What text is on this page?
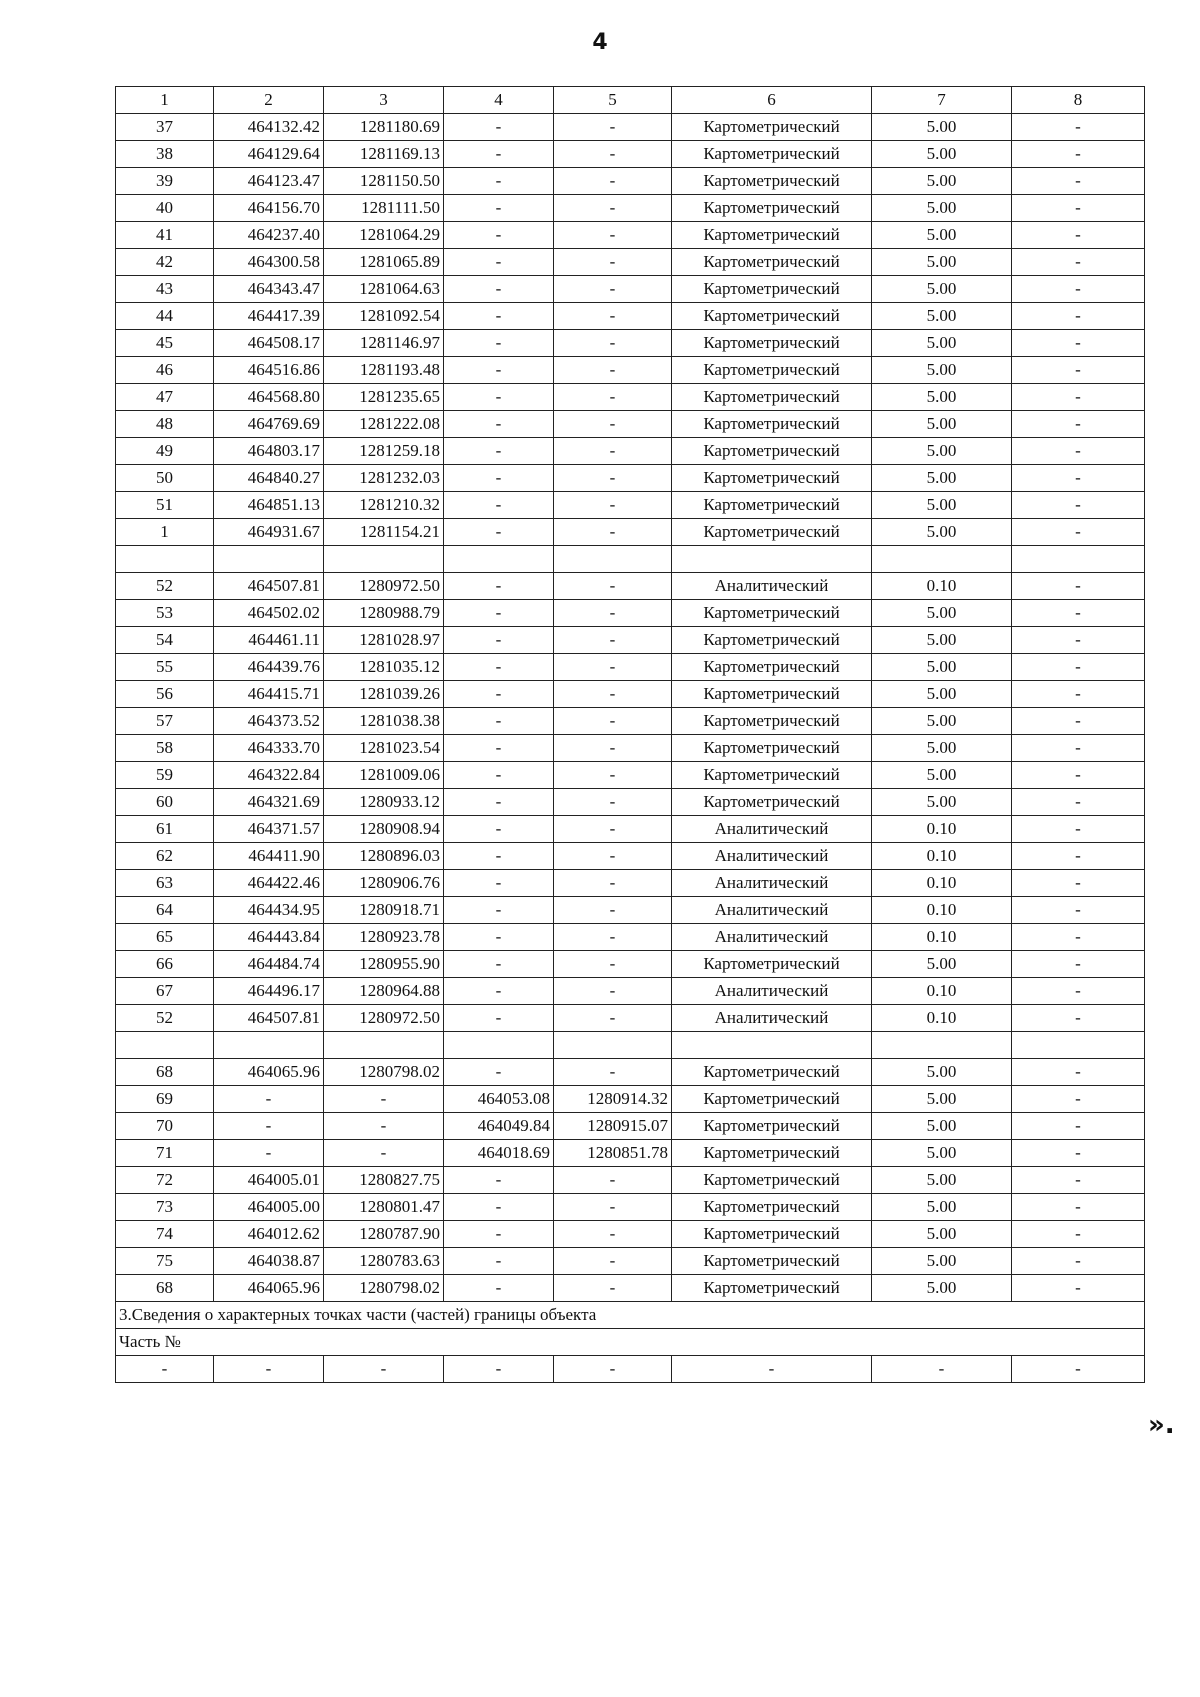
4
1	2	3	4	5	6	7	8
37	464132.42	1281180.69	-	-	Картометрический	5.00	-
38	464129.64	1281169.13	-	-	Картометрический	5.00	-
39	464123.47	1281150.50	-	-	Картометрический	5.00	-
40	464156.70	1281111.50	-	-	Картометрический	5.00	-
41	464237.40	1281064.29	-	-	Картометрический	5.00	-
42	464300.58	1281065.89	-	-	Картометрический	5.00	-
43	464343.47	1281064.63	-	-	Картометрический	5.00	-
44	464417.39	1281092.54	-	-	Картометрический	5.00	-
45	464508.17	1281146.97	-	-	Картометрический	5.00	-
46	464516.86	1281193.48	-	-	Картометрический	5.00	-
47	464568.80	1281235.65	-	-	Картометрический	5.00	-
48	464769.69	1281222.08	-	-	Картометрический	5.00	-
49	464803.17	1281259.18	-	-	Картометрический	5.00	-
50	464840.27	1281232.03	-	-	Картометрический	5.00	-
51	464851.13	1281210.32	-	-	Картометрический	5.00	-
1	464931.67	1281154.21	-	-	Картометрический	5.00	-

52	464507.81	1280972.50	-	-	Аналитический	0.10	-
53	464502.02	1280988.79	-	-	Картометрический	5.00	-
54	464461.11	1281028.97	-	-	Картометрический	5.00	-
55	464439.76	1281035.12	-	-	Картометрический	5.00	-
56	464415.71	1281039.26	-	-	Картометрический	5.00	-
57	464373.52	1281038.38	-	-	Картометрический	5.00	-
58	464333.70	1281023.54	-	-	Картометрический	5.00	-
59	464322.84	1281009.06	-	-	Картометрический	5.00	-
60	464321.69	1280933.12	-	-	Картометрический	5.00	-
61	464371.57	1280908.94	-	-	Аналитический	0.10	-
62	464411.90	1280896.03	-	-	Аналитический	0.10	-
63	464422.46	1280906.76	-	-	Аналитический	0.10	-
64	464434.95	1280918.71	-	-	Аналитический	0.10	-
65	464443.84	1280923.78	-	-	Аналитический	0.10	-
66	464484.74	1280955.90	-	-	Картометрический	5.00	-
67	464496.17	1280964.88	-	-	Аналитический	0.10	-
52	464507.81	1280972.50	-	-	Аналитический	0.10	-

68	464065.96	1280798.02	-	-	Картометрический	5.00	-
69	-	-	464053.08	1280914.32	Картометрический	5.00	-
70	-	-	464049.84	1280915.07	Картометрический	5.00	-
71	-	-	464018.69	1280851.78	Картометрический	5.00	-
72	464005.01	1280827.75	-	-	Картометрический	5.00	-
73	464005.00	1280801.47	-	-	Картометрический	5.00	-
74	464012.62	1280787.90	-	-	Картометрический	5.00	-
75	464038.87	1280783.63	-	-	Картометрический	5.00	-
68	464065.96	1280798.02	-	-	Картометрический	5.00	-
3.Сведения о характерных точках части (частей) границы объекта							
Часть №							
-	-	-	-	-	-	-	-
».
